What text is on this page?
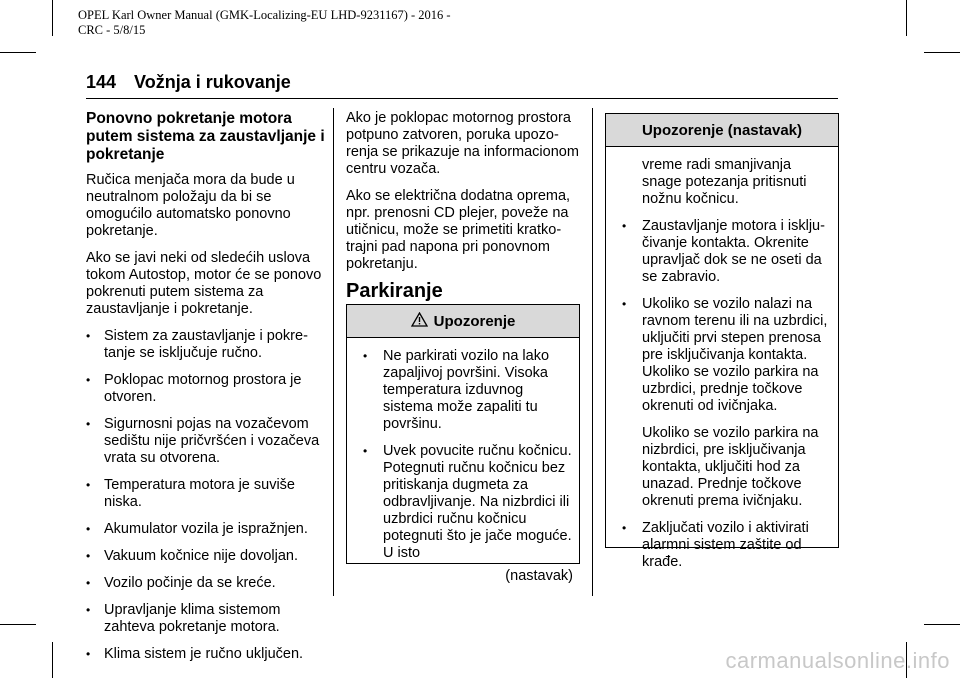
OPEL Karl Owner Manual (GMK-Localizing-EU LHD-9231167) - 2016 -
CRC - 5/8/15
144 Vožnja i rukovanje
Ponovno pokretanje motora putem sistema za zaustavljanje i pokretanje

Ručica menjača mora da bude u neutralnom položaju da bi se omogućilo automatsko ponovno pokretanje.

Ako se javi neki od sledećih uslova tokom Autostop, motor će se ponovo pokrenuti putem sistema za zaustavljanje i pokretanje.

• Sistem za zaustavljanje i pokre-tanje se isključuje ručno.
• Poklopac motornog prostora je otvoren.
• Sigurnosni pojas na vozačevom sedištu nije pričvršćen i vozačeva vrata su otvorena.
• Temperatura motora je suviše niska.
• Akumulator vozila je ispražnjen.
• Vakuum kočnice nije dovoljan.
• Vozilo počinje da se kreće.
• Upravljanje klima sistemom zahteva pokretanje motora.
• Klima sistem je ručno uključen.

Ako je poklopac motornog prostora potpuno zatvoren, poruka upozo-renja se prikazuje na informacionom centru vozača.

Ako se električna dodatna oprema, npr. prenosni CD plejer, poveže na utičnicu, može se primetiti kratko-trajni pad napona pri ponovnom pokretanju.

Parkiranje
Upozorenje
• Ne parkirati vozilo na lako zapaljivoj površini. Visoka temperatura izduvnog sistema može zapaliti tu površinu.
• Uvek povucite ručnu kočnicu. Potegnuti ručnu kočnicu bez pritiskanja dugmeta za odbravljivanje. Na nizbrdici ili uzbrdici ručnu kočnicu potegnuti što je jače moguće. U isto
(nastavak)
Upozorenje (nastavak)
vreme radi smanjivanja snage potezanja pritisnuti nožnu kočnicu.
• Zaustavljanje motora i isklju-čivanje kontakta. Okrenite upravljač dok se ne oseti da se zabravio.
• Ukoliko se vozilo nalazi na ravnom terenu ili na uzbrdici, uključiti prvi stepen prenosa pre isključivanja kontakta. Ukoliko se vozilo parkira na uzbrdici, prednje točkove okrenuti od ivičnjaka.
Ukoliko se vozilo parkira na nizbrdici, pre isključivanja kontakta, uključiti hod za unazad. Prednje točkove okrenuti prema ivičnjaku.
• Zaključati vozilo i aktivirati alarmni sistem zaštite od krađe.
carmanualsonline.info
